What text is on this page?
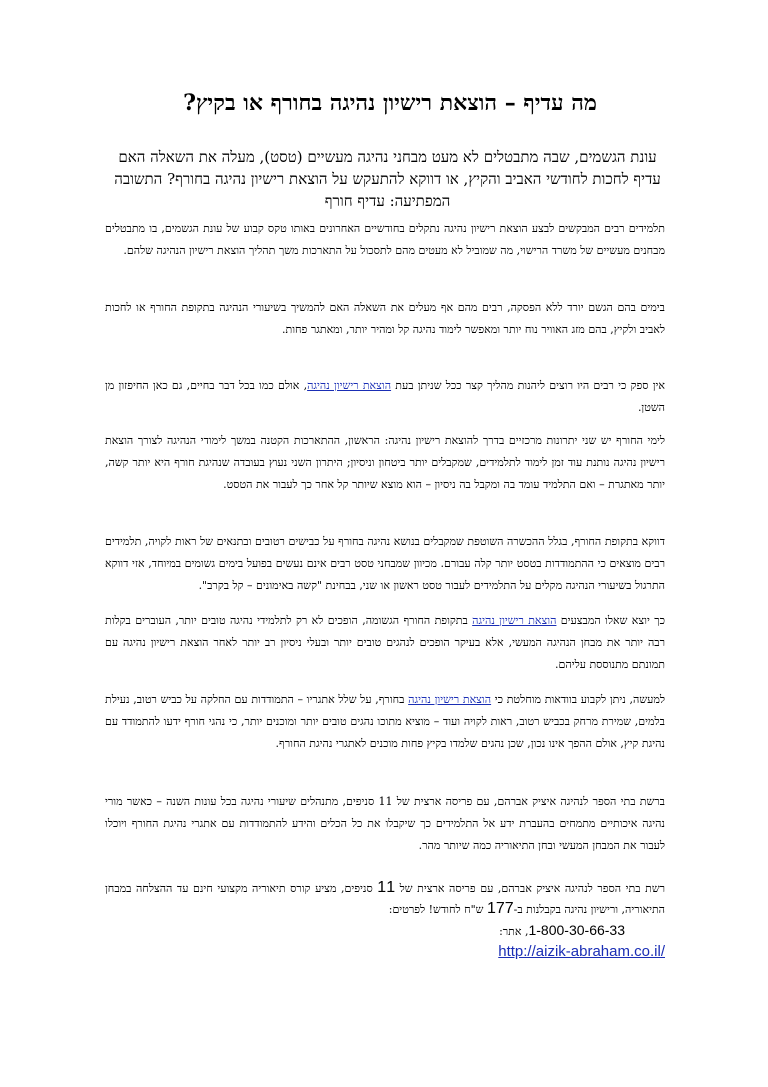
מה עדיף – הוצאת רישיון נהיגה בחורף או בקיץ?
עונת הגשמים, שבה מתבטלים לא מעט מבחני נהיגה מעשיים (טסט), מעלה את השאלה האם עדיף לחכות לחודשי האביב והקיץ, או דווקא להתעקש על הוצאת רישיון נהיגה בחורף? התשובה המפתיעה: עדיף חורף
תלמידים רבים המבקשים לבצע הוצאת רישיון נהיגה נתקלים בחודשיים האחרונים באותו טקס קבוע של עונת הגשמים, בו מתבטלים מבחנים מעשיים של משרד הרישוי, מה שמוביל לא מעטים מהם לתסכול על התארכות משך תהליך הוצאת רישיון הנהיגה שלהם.
בימים בהם הגשם יורד ללא הפסקה, רבים מהם אף מעלים את השאלה האם להמשיך בשיעורי הנהיגה בתקופת החורף או לחכות לאביב ולקיץ, בהם מזג האוויר נוח יותר ומאפשר לימוד נהיגה קל ומהיר יותר, ומאתגר פחות.
אין ספק כי רבים היו רוצים ליהנות מהליך קצר ככל שניתן בעת הוצאת רישיון נהיגה, אולם כמו בכל דבר בחיים, גם כאן החיפזון מן השטן.
לימי החורף יש שני יתרונות מרכזיים בדרך להוצאת רישיון נהיגה: הראשון, ההתארכות הקטנה במשך לימודי הנהיגה לצורך הוצאת רישיון נהיגה נותנת עוד זמן לימוד לתלמידים, שמקבלים יותר ביטחון וניסיון; היתרון השני נעוץ בעובדה שנהיגת חורף היא יותר קשה, יותר מאתגרת – ואם התלמיד עומד בה ומקבל בה ניסיון – הוא מוצא שיותר קל אחר כך לעבור את הטסט.
דווקא בתקופת החורף, בגלל ההכשרה השוטפת שמקבלים בנושא נהיגה בחורף על כבישים רטובים ובתנאים של ראות לקויה, תלמידים רבים מוצאים כי ההתמודדות בטסט יותר קלה עבורם. מכיוון שמבחני טסט רבים אינם נעשים בפועל בימים גשומים במיוחד, אזי דווקא התרגול בשיעורי הנהיגה מקלים על התלמידים לעבור טסט ראשון או שני, בבחינת "קשה באימונים – קל בקרב".
כך יוצא שאלו המבצעים הוצאת רישיון נהיגה בתקופת החורף הגשומה, הופכים לא רק לתלמידי נהיגה טובים יותר, העוברים בקלות רבה יותר את מבחן הנהיגה המעשי, אלא בעיקר הופכים לנהגים טובים יותר ובעלי ניסיון רב יותר לאחר הוצאת רישיון נהיגה עם תמונתם מתנוססת עליהם.
למעשה, ניתן לקבוע בוודאות מוחלטת כי הוצאת רישיון נהיגה בחורף, על שלל אתגריו – התמודדות עם החלקה על כביש רטוב, נעילת בלמים, שמירת מרחק בכביש רטוב, ראות לקויה ועוד – מוציא מתוכו נהגים טובים יותר ומוכנים יותר, כי נהגי חורף ידעו להתמודד עם נהיגת קיץ, אולם ההפך אינו נכון, שכן נהגים שלמדו בקיץ פחות מוכנים לאתגרי נהיגת החורף.
ברשת בתי הספר לנהיגה איציק אברהם, עם פריסה ארצית של 11 סניפים, מתנהלים שיעורי נהיגה בכל עונות השנה – כאשר מורי נהיגה איכותיים מתמחים בהעברת ידע אל התלמידים כך שיקבלו את כל הכלים והידע להתמודדות עם אתגרי נהיגת החורף ויוכלו לעבור את המבחן המעשי ובחן התיאוריה כמה שיותר מהר.
רשת בתי הספר לנהיגה איציק אברהם, עם פריסה ארצית של 11 סניפים, מציע קורס תיאוריה מקצועי חינם עד ההצלחה במבחן התיאוריה, ורישיון נהיגה בקבלנות ב-177 ש"ח לחודש! לפרטים:
1-800-30-66-33, אתר:
http://aizik-abraham.co.il/
